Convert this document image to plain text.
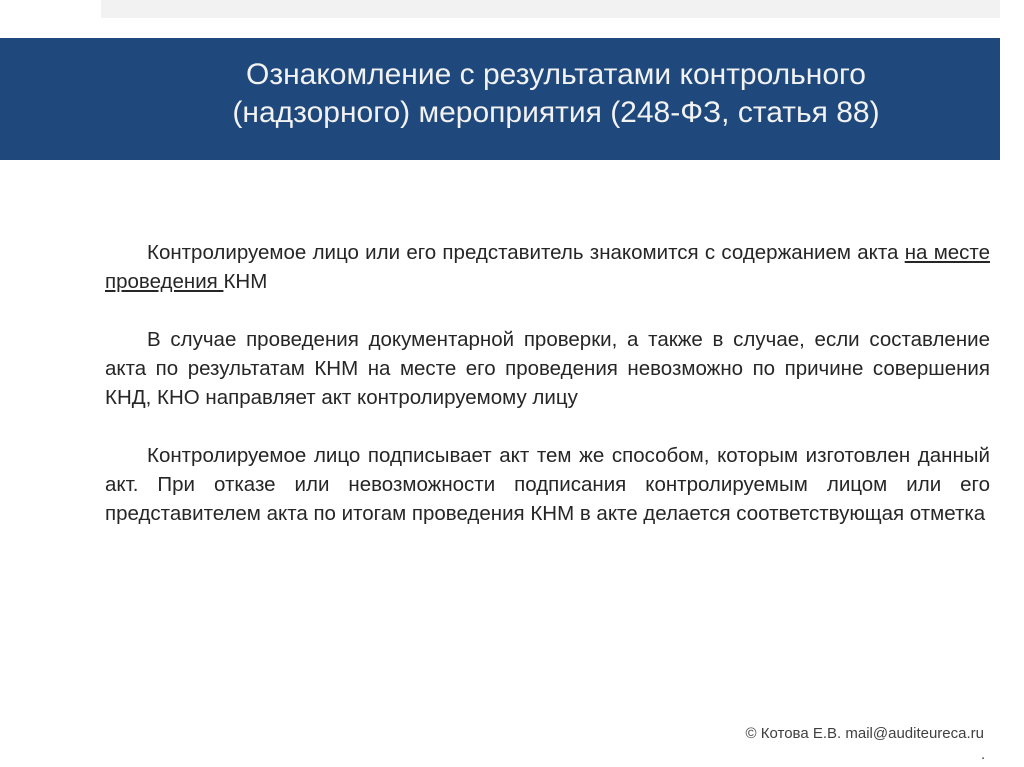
Ознакомление с результатами контрольного
(надзорного) мероприятия (248-ФЗ, статья 88)

Контролируемое лицо или его представитель знакомится с содержанием акта на месте проведения КНМ

В случае проведения документарной проверки, а также в случае, если составление акта по результатам КНМ на месте его проведения невозможно по причине совершения КНД, КНО направляет акт контролируемому лицу

Контролируемое лицо подписывает акт тем же способом, которым изготовлен данный акт. При отказе или невозможности подписания контролируемым лицом или его представителем акта по итогам проведения КНМ в акте делается соответствующая отметка

© Котова Е.В. mail@auditeureca.ru
.
